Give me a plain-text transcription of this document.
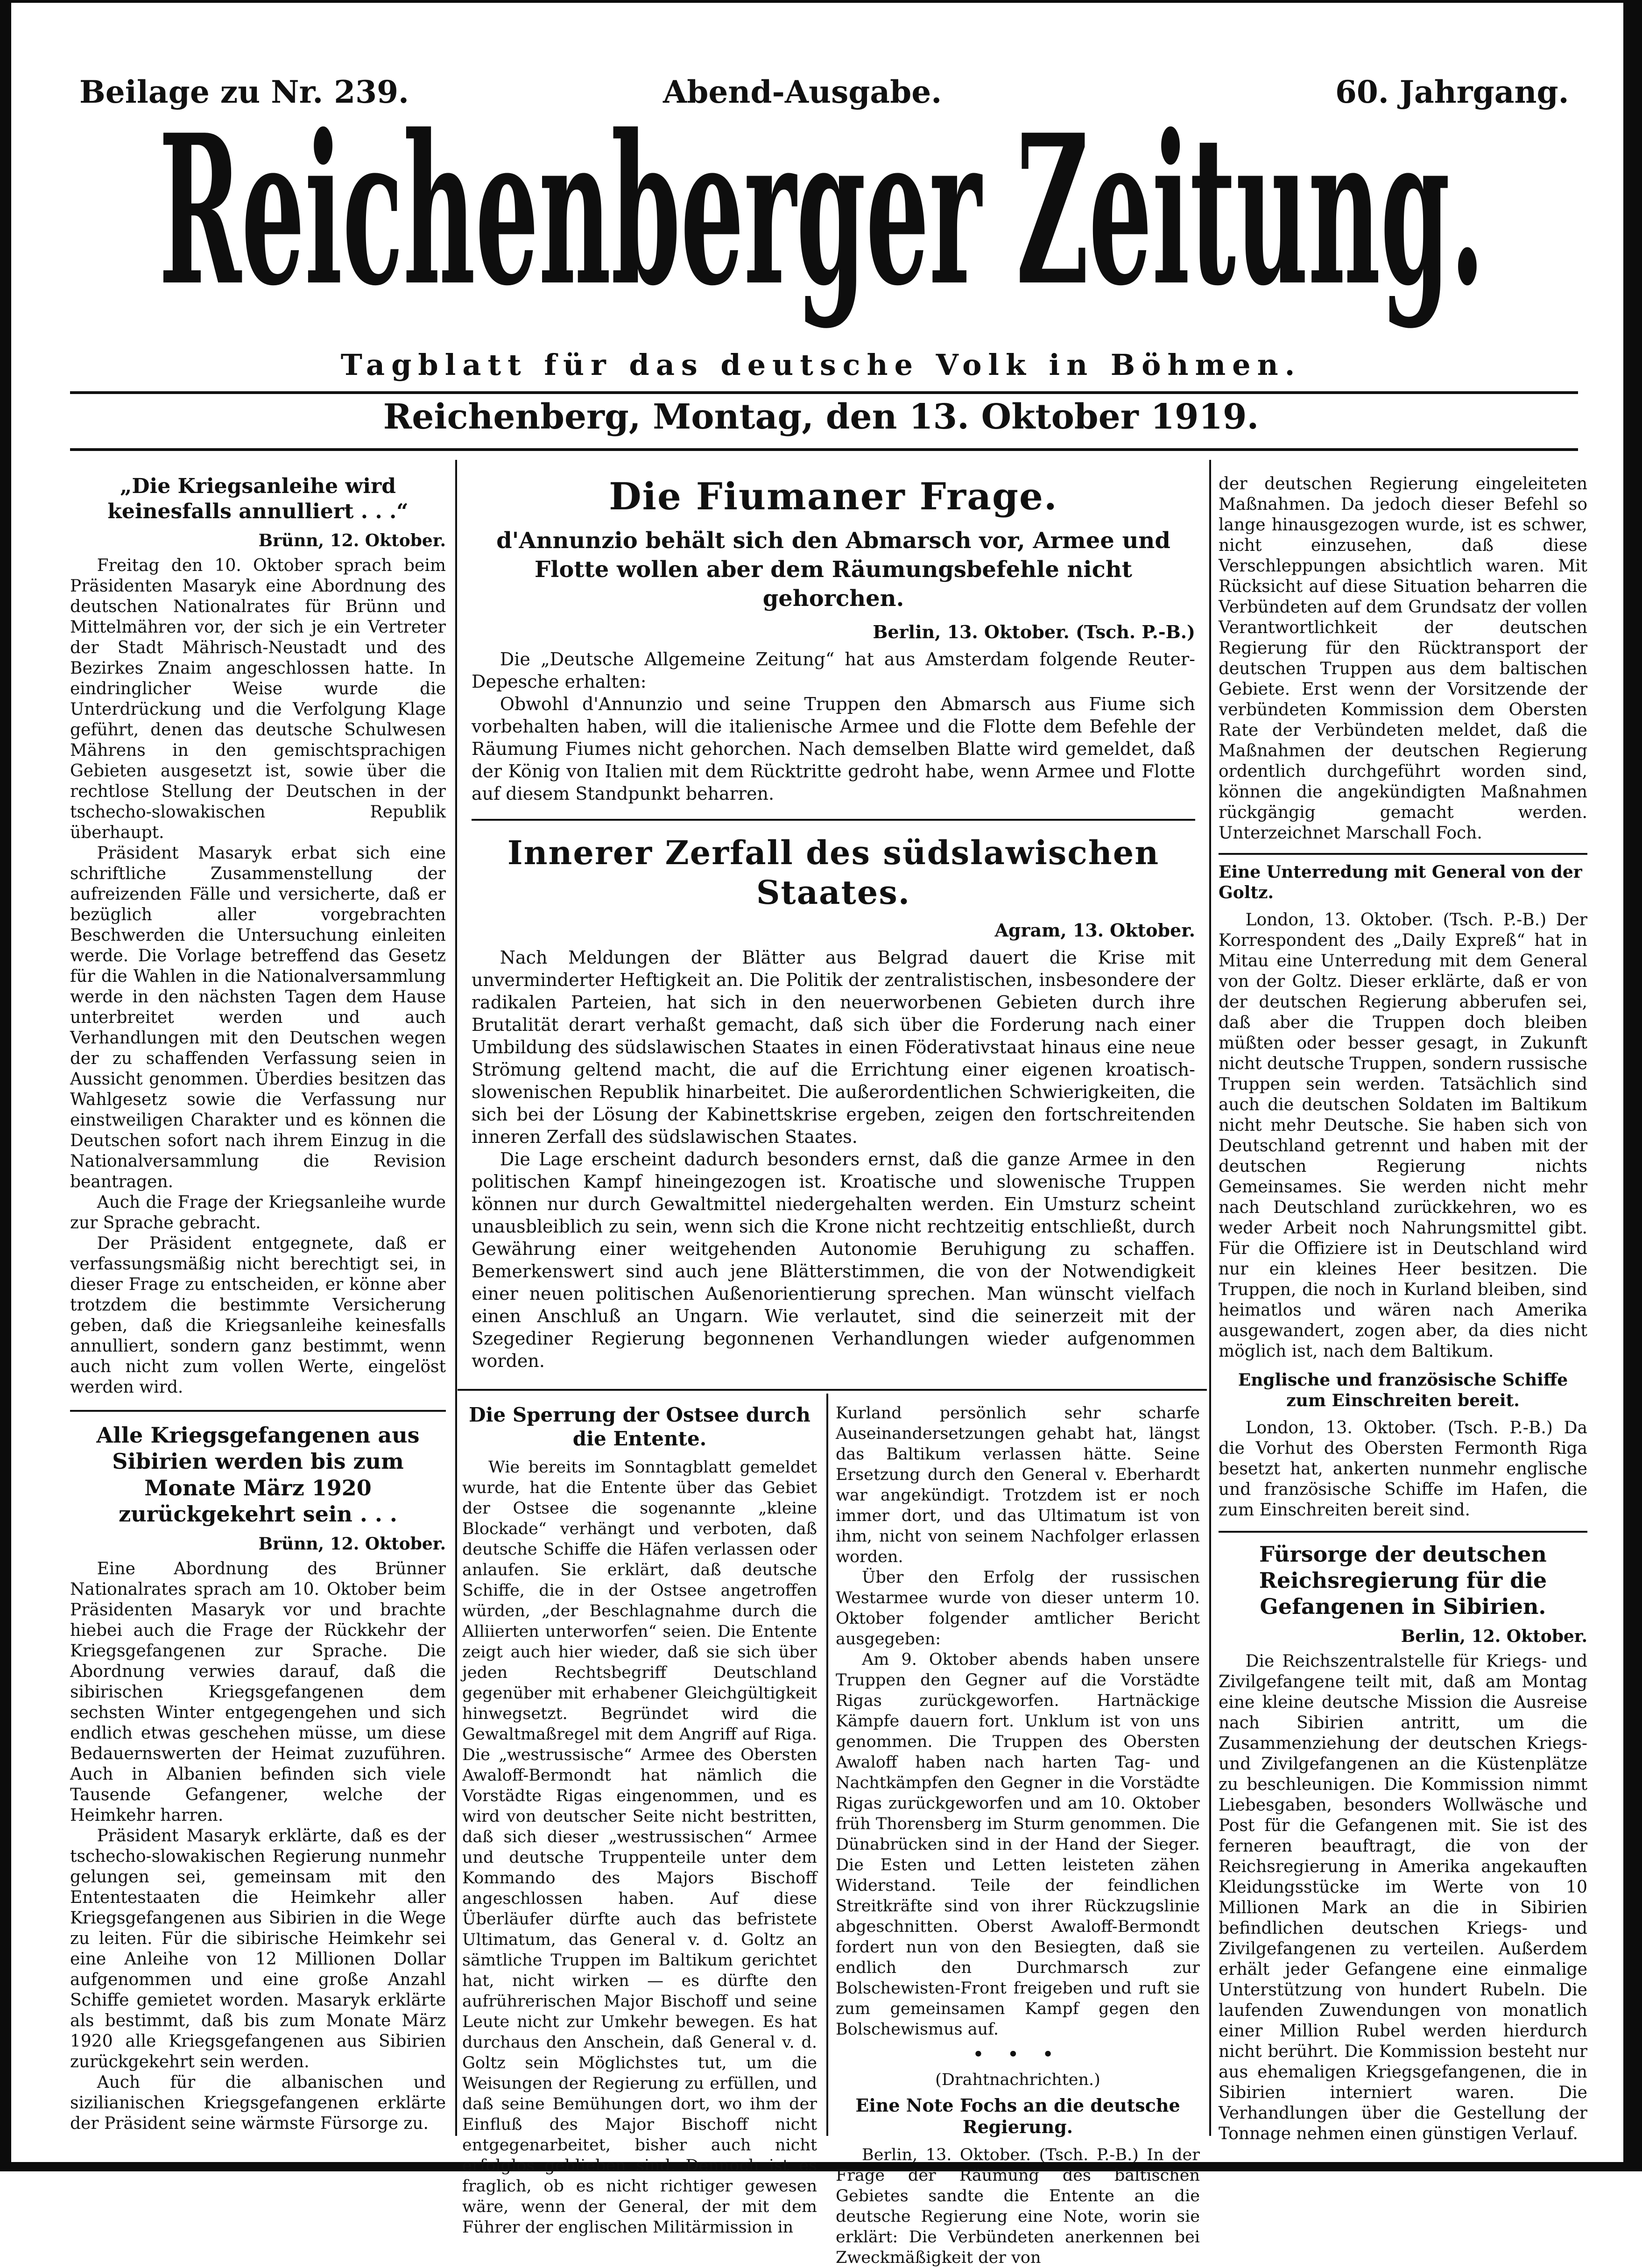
Beilage zu Nr. 239.	Abend-Ausgabe.	60. Jahrgang.
Reichenberger Zeitung.
Tagblatt für das deutsche Volk in Böhmen.
Reichenberg, Montag, den 13. Oktober 1919.
„Die Kriegsanleihe wird keinesfalls annulliert . . .“
Brünn, 12. Oktober.

Freitag den 10. Oktober sprach beim Präsidenten Masaryk eine Abordnung des deutschen Nationalrates für Brünn und Mittelmähren vor, der sich je ein Vertreter der Stadt Mährisch-Neustadt und des Bezirkes Znaim angeschlossen hatte. In eindringlicher Weise wurde die Unterdrückung und die Verfolgung Klage geführt, denen das deutsche Schulwesen Mährens in den gemischtsprachigen Gebieten ausgesetzt ist, sowie über die rechtlose Stellung der Deutschen in der tschecho-slowakischen Republik überhaupt.

Präsident Masaryk erbat sich eine schriftliche Zusammenstellung der aufreizenden Fälle und versicherte, daß er bezüglich aller vorgebrachten Beschwerden die Untersuchung einleiten werde. Die Vorlage betreffend das Gesetz für die Wahlen in die Nationalversammlung werde in den nächsten Tagen dem Hause unterbreitet werden und auch Verhandlungen mit den Deutschen wegen der zu schaffenden Verfassung seien in Aussicht genommen. Überdies besitzen das Wahlgesetz sowie die Verfassung nur einstweiligen Charakter und es können die Deutschen sofort nach ihrem Einzug in die Nationalversammlung die Revision beantragen.

Auch die Frage der Kriegsanleihe wurde zur Sprache gebracht.

Der Präsident entgegnete, daß er verfassungsmäßig nicht berechtigt sei, in dieser Frage zu entscheiden, er könne aber trotzdem die bestimmte Versicherung geben, daß die Kriegsanleihe keinesfalls annulliert, sondern ganz bestimmt, wenn auch nicht zum vollen Werte, eingelöst werden wird.

Alle Kriegsgefangenen aus Sibirien werden bis zum Monate März 1920 zurückgekehrt sein . . .
Brünn, 12. Oktober.

Eine Abordnung des Brünner Nationalrates sprach am 10. Oktober beim Präsidenten Masaryk vor und brachte hiebei auch die Frage der Rückkehr der Kriegsgefangenen zur Sprache. Die Abordnung verwies darauf, daß die sibirischen Kriegsgefangenen dem sechsten Winter entgegengehen und sich endlich etwas geschehen müsse, um diese Bedauernswerten der Heimat zuzuführen. Auch in Albanien befinden sich viele Tausende Gefangener, welche der Heimkehr harren.

Präsident Masaryk erklärte, daß es der tschecho-slowakischen Regierung nunmehr gelungen sei, gemeinsam mit den Ententestaaten die Heimkehr aller Kriegsgefangenen aus Sibirien in die Wege zu leiten. Für die sibirische Heimkehr sei eine Anleihe von 12 Millionen Dollar aufgenommen und eine große Anzahl Schiffe gemietet worden. Masaryk erklärte als bestimmt, daß bis zum Monate März 1920 alle Kriegsgefangenen aus Sibirien zurückgekehrt sein werden.

Auch für die albanischen und sizilianischen Kriegsgefangenen erklärte der Präsident seine wärmste Fürsorge zu.

Die Fiumaner Frage.
d'Annunzio behält sich den Abmarsch vor, Armee und Flotte wollen aber dem Räumungsbefehle nicht gehorchen.
Berlin, 13. Oktober. (Tsch. P.-B.)

Die „Deutsche Allgemeine Zeitung“ hat aus Amsterdam folgende Reuter-Depesche erhalten:

Obwohl d'Annunzio und seine Truppen den Abmarsch aus Fiume sich vorbehalten haben, will die italienische Armee und die Flotte dem Befehle der Räumung Fiumes nicht gehorchen. Nach demselben Blatte wird gemeldet, daß der König von Italien mit dem Rücktritte gedroht habe, wenn Armee und Flotte auf diesem Standpunkt beharren.

Innerer Zerfall des südslawischen Staates.
Agram, 13. Oktober.

Nach Meldungen der Blätter aus Belgrad dauert die Krise mit unverminderter Heftigkeit an. Die Politik der zentralistischen, insbesondere der radikalen Parteien, hat sich in den neuerworbenen Gebieten durch ihre Brutalität derart verhaßt gemacht, daß sich über die Forderung nach einer Umbildung des südslawischen Staates in einen Föderativstaat hinaus eine neue Strömung geltend macht, die auf die Errichtung einer eigenen kroatisch-slowenischen Republik hinarbeitet. Die außerordentlichen Schwierigkeiten, die sich bei der Lösung der Kabinettskrise ergeben, zeigen den fortschreitenden inneren Zerfall des südslawischen Staates.

Die Lage erscheint dadurch besonders ernst, daß die ganze Armee in den politischen Kampf hineingezogen ist. Kroatische und slowenische Truppen können nur durch Gewaltmittel niedergehalten werden. Ein Umsturz scheint unausbleiblich zu sein, wenn sich die Krone nicht rechtzeitig entschließt, durch Gewährung einer weitgehenden Autonomie Beruhigung zu schaffen. Bemerkenswert sind auch jene Blätterstimmen, die von der Notwendigkeit einer neuen politischen Außenorientierung sprechen. Man wünscht vielfach einen Anschluß an Ungarn. Wie verlautet, sind die seinerzeit mit der Szegediner Regierung begonnenen Verhandlungen wieder aufgenommen worden.

Die Sperrung der Ostsee durch die Entente.

Wie bereits im Sonntagblatt gemeldet wurde, hat die Entente über das Gebiet der Ostsee die sogenannte „kleine Blockade“ verhängt und verboten, daß deutsche Schiffe die Häfen verlassen oder anlaufen. Sie erklärt, daß deutsche Schiffe, die in der Ostsee angetroffen würden, „der Beschlagnahme durch die Alliierten unterworfen“ seien. Die Entente zeigt auch hier wieder, daß sie sich über jeden Rechtsbegriff Deutschland gegenüber mit erhabener Gleichgültigkeit hinwegsetzt. Begründet wird die Gewaltmaßregel mit dem Angriff auf Riga. Die „westrussische“ Armee des Obersten Awaloff-Bermondt hat nämlich die Vorstädte Rigas eingenommen, und es wird von deutscher Seite nicht bestritten, daß sich dieser „westrussischen“ Armee und deutsche Truppenteile unter dem Kommando des Majors Bischoff angeschlossen haben. Auf diese Überläufer dürfte auch das befristete Ultimatum, das General v. d. Goltz an sämtliche Truppen im Baltikum gerichtet hat, nicht wirken — es dürfte den aufrührerischen Major Bischoff und seine Leute nicht zur Umkehr bewegen. Es hat durchaus den Anschein, daß General v. d. Goltz sein Möglichstes tut, um die Weisungen der Regierung zu erfüllen, und daß seine Bemühungen dort, wo ihm der Einfluß des Major Bischoff nicht entgegenarbeitet, bisher auch nicht erfolglos geblieben sind. Dennoch ist es fraglich, ob es nicht richtiger gewesen wäre, wenn der General, der mit dem Führer der englischen Militärmission in

Kurland persönlich sehr scharfe Auseinandersetzungen gehabt hat, längst das Baltikum verlassen hätte. Seine Ersetzung durch den General v. Eberhardt war angekündigt. Trotzdem ist er noch immer dort, und das Ultimatum ist von ihm, nicht von seinem Nachfolger erlassen worden.

Über den Erfolg der russischen Westarmee wurde von dieser unterm 10. Oktober folgender amtlicher Bericht ausgegeben:

Am 9. Oktober abends haben unsere Truppen den Gegner auf die Vorstädte Rigas zurückgeworfen. Hartnäckige Kämpfe dauern fort. Unklum ist von uns genommen. Die Truppen des Obersten Awaloff haben nach harten Tag- und Nachtkämpfen den Gegner in die Vorstädte Rigas zurückgeworfen und am 10. Oktober früh Thorensberg im Sturm genommen. Die Dünabrücken sind in der Hand der Sieger. Die Esten und Letten leisteten zähen Widerstand. Teile der feindlichen Streitkräfte sind von ihrer Rückzugslinie abgeschnitten. Oberst Awaloff-Bermondt fordert nun von den Besiegten, daß sie endlich den Durchmarsch zur Bolschewisten-Front freigeben und ruft sie zum gemeinsamen Kampf gegen den Bolschewismus auf.

• • •
(Drahtnachrichten.)
Eine Note Fochs an die deutsche Regierung.

Berlin, 13. Oktober. (Tsch. P.-B.) In der Frage der Räumung des baltischen Gebietes sandte die Entente an die deutsche Regierung eine Note, worin sie erklärt: Die Verbündeten anerkennen bei Zweckmäßigkeit der von

der deutschen Regierung eingeleiteten Maßnahmen. Da jedoch dieser Befehl so lange hinausgezogen wurde, ist es schwer, nicht einzusehen, daß diese Verschleppungen absichtlich waren. Mit Rücksicht auf diese Situation beharren die Verbündeten auf dem Grundsatz der vollen Verantwortlichkeit der deutschen Regierung für den Rücktransport der deutschen Truppen aus dem baltischen Gebiete. Erst wenn der Vorsitzende der verbündeten Kommission dem Obersten Rate der Verbündeten meldet, daß die Maßnahmen der deutschen Regierung ordentlich durchgeführt worden sind, können die angekündigten Maßnahmen rückgängig gemacht werden. Unterzeichnet Marschall Foch.

Eine Unterredung mit General von der Goltz.

London, 13. Oktober. (Tsch. P.-B.) Der Korrespondent des „Daily Expreß“ hat in Mitau eine Unterredung mit dem General von der Goltz. Dieser erklärte, daß er von der deutschen Regierung abberufen sei, daß aber die Truppen doch bleiben müßten oder besser gesagt, in Zukunft nicht deutsche Truppen, sondern russische Truppen sein werden. Tatsächlich sind auch die deutschen Soldaten im Baltikum nicht mehr Deutsche. Sie haben sich von Deutschland getrennt und haben mit der deutschen Regierung nichts Gemeinsames. Sie werden nicht mehr nach Deutschland zurückkehren, wo es weder Arbeit noch Nahrungsmittel gibt. Für die Offiziere ist in Deutschland wird nur ein kleines Heer besitzen. Die Truppen, die noch in Kurland bleiben, sind heimatlos und wären nach Amerika ausgewandert, zogen aber, da dies nicht möglich ist, nach dem Baltikum.

Englische und französische Schiffe zum Einschreiten bereit.

London, 13. Oktober. (Tsch. P.-B.) Da die Vorhut des Obersten Fermonth Riga besetzt hat, ankerten nunmehr englische und französische Schiffe im Hafen, die zum Einschreiten bereit sind.

Fürsorge der deutschen Reichsregierung für die Gefangenen in Sibirien.
Berlin, 12. Oktober.

Die Reichszentralstelle für Kriegs- und Zivilgefangene teilt mit, daß am Montag eine kleine deutsche Mission die Ausreise nach Sibirien antritt, um die Zusammenziehung der deutschen Kriegs- und Zivilgefangenen an die Küstenplätze zu beschleunigen. Die Kommission nimmt Liebesgaben, besonders Wollwäsche und Post für die Gefangenen mit. Sie ist des ferneren beauftragt, die von der Reichsregierung in Amerika angekauften Kleidungsstücke im Werte von 10 Millionen Mark an die in Sibirien befindlichen deutschen Kriegs- und Zivilgefangenen zu verteilen. Außerdem erhält jeder Gefangene eine einmalige Unterstützung von hundert Rubeln. Die laufenden Zuwendungen von monatlich einer Million Rubel werden hierdurch nicht berührt. Die Kommission besteht nur aus ehemaligen Kriegsgefangenen, die in Sibirien interniert waren. Die Verhandlungen über die Gestellung der Tonnage nehmen einen günstigen Verlauf.
